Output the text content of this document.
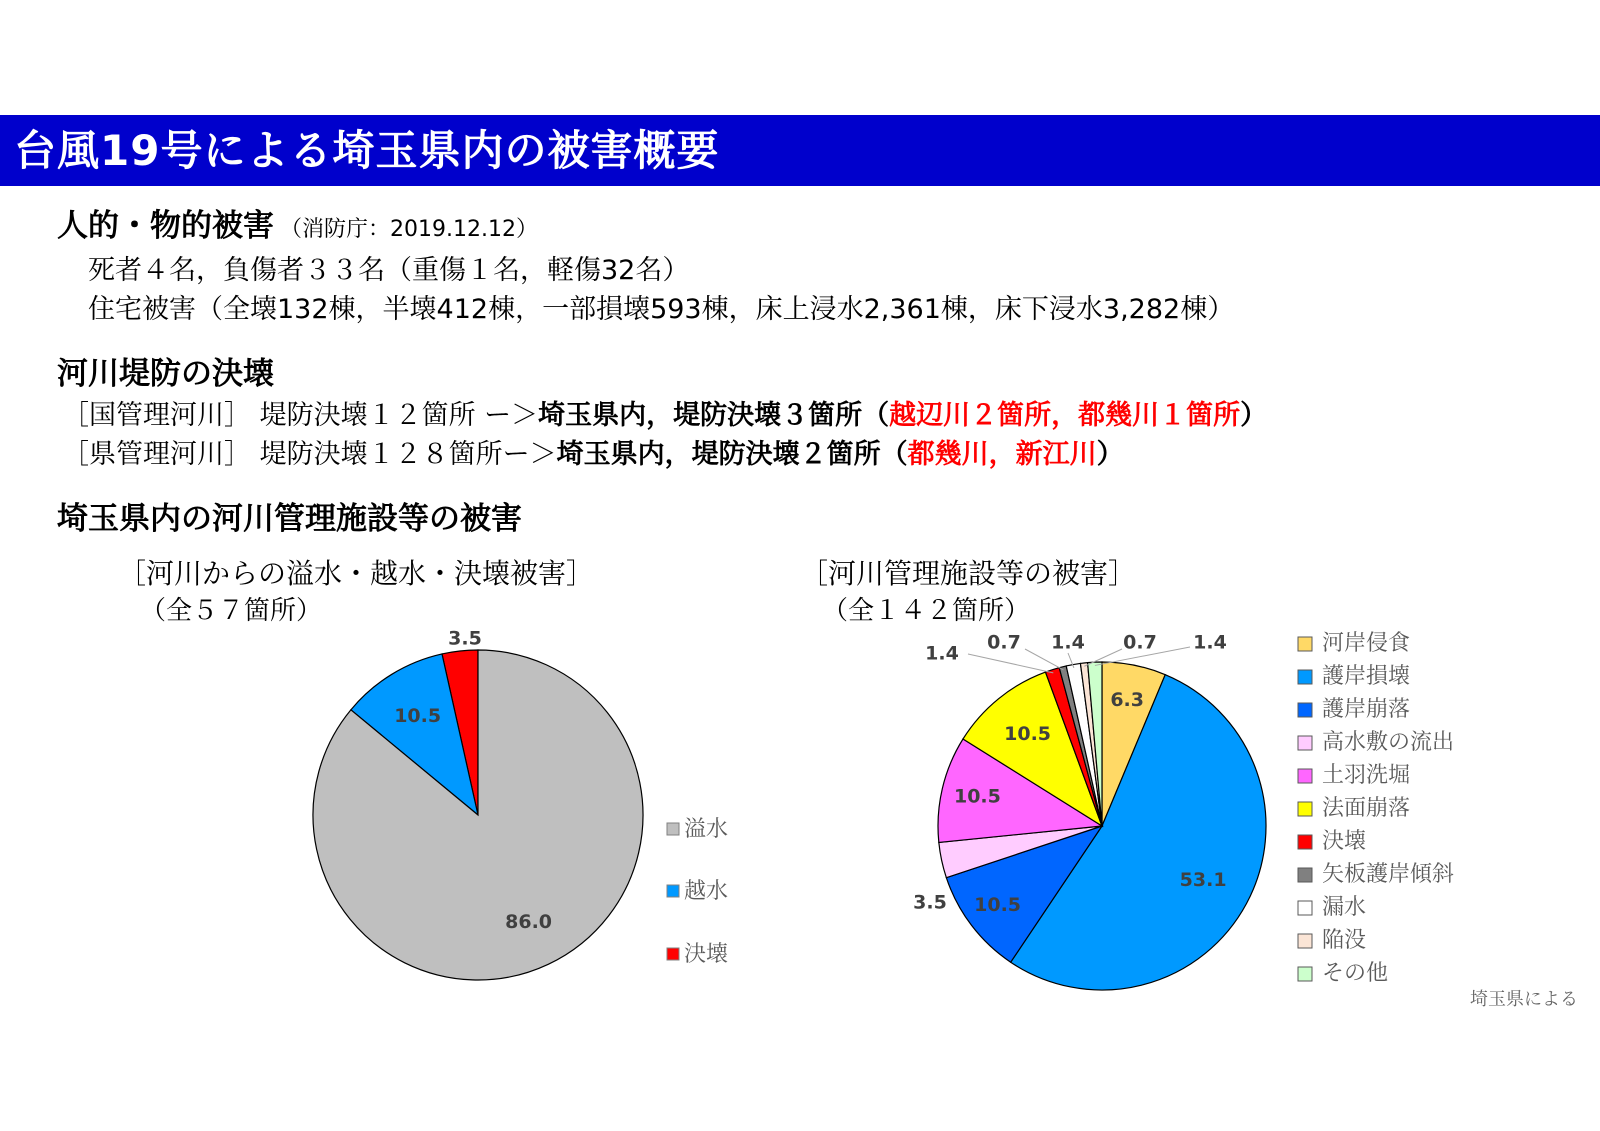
台風19号による埼玉県内の被害概要
人的・物的被害 （消防庁：2019.12.12）
死者４名，負傷者３３名（重傷１名，軽傷32名）
住宅被害（全壊132棟，半壊412棟，一部損壊593棟，床上浸水2,361棟，床下浸水3,282棟）
河川堤防の決壊
［国管理河川］ 堤防決壊１２箇所 ー＞埼玉県内，堤防決壊３箇所（越辺川２箇所，都幾川１箇所）
［県管理河川］ 堤防決壊１２８箇所ー＞埼玉県内，堤防決壊２箇所（都幾川，新江川）
埼玉県内の河川管理施設等の被害
［河川からの溢水・越水・決壊被害］
（全５７箇所）
［河川管理施設等の被害］
（全１４２箇所）
3.5
10.5
86.0
溢水
越水
決壊
6.3
53.1
10.5
3.5
10.5
10.5
1.4 0.7 1.4 0.7 1.4	河岸侵食
護岸損壊
護岸崩落
高水敷の流出
土羽洗堀
法面崩落
決壊
矢板護岸傾斜
漏水
陥没
その他
埼玉県による
